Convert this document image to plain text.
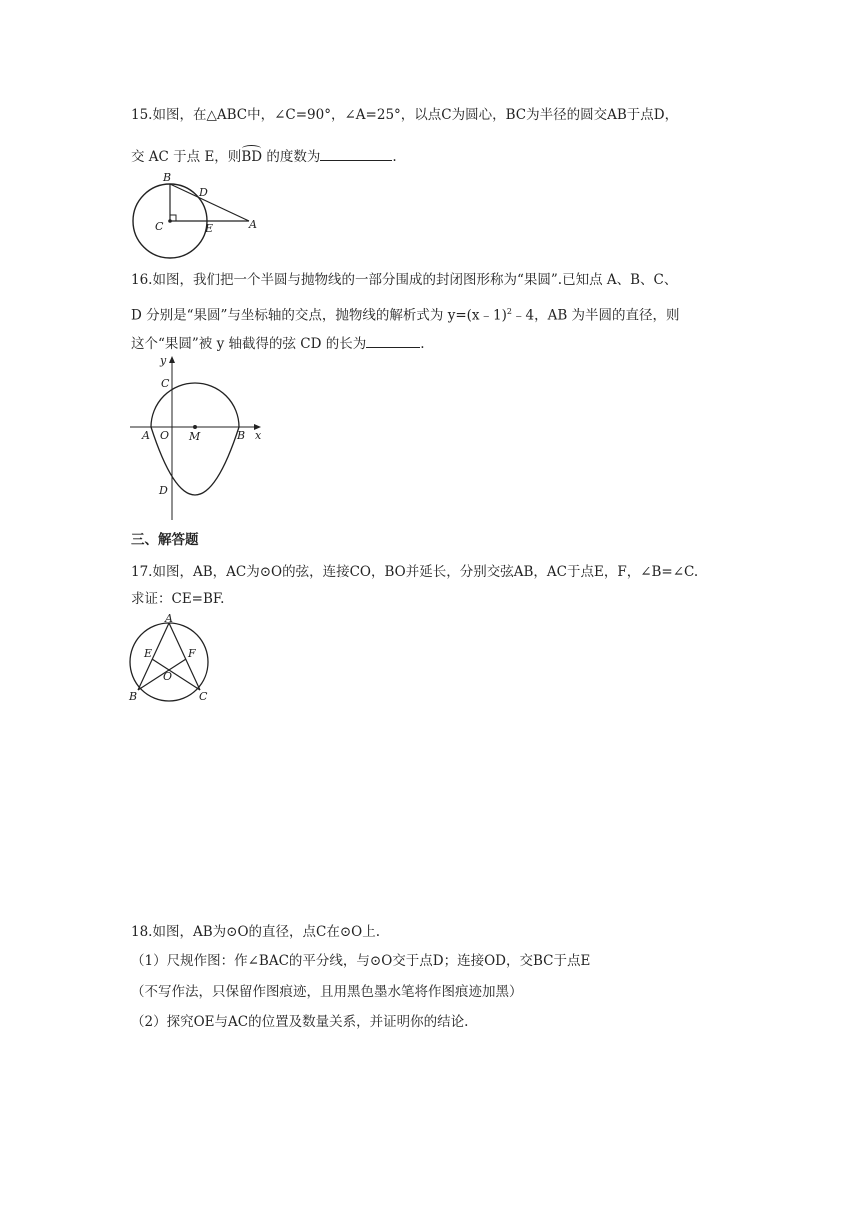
15.如图，在△ABC中，∠C=90°，∠A=25°，以点C为圆心，BC为半径的圆交AB于点D，
交 AC 于点 E，则BD 的度数为	.
B
D
C	E	A
16.如图，我们把一个半圆与抛物线的一部分围成的封闭图形称为“果圆”.已知点 A、B、C、
D 分别是“果圆”与坐标轴的交点，抛物线的解析式为 y=(x﹣1)$^2$﹣4，AB 为半圆的直径，则
这个“果圆”被 y 轴截得的弦 CD 的长为	.
y
x
C
A O M	B
D
三、解答题
17.如图，AB，AC为⊙O的弦，连接CO，BO并延长，分别交弦AB，AC于点E，F，∠B=∠C.
求证：CE=BF.
A
E	F
O
B	C
18.如图，AB为⊙O的直径，点C在⊙O上.
（1）尺规作图：作∠BAC的平分线，与⊙O交于点D；连接OD，交BC于点E
（不写作法，只保留作图痕迹，且用黑色墨水笔将作图痕迹加黑）
（2）探究OE与AC的位置及数量关系，并证明你的结论.
